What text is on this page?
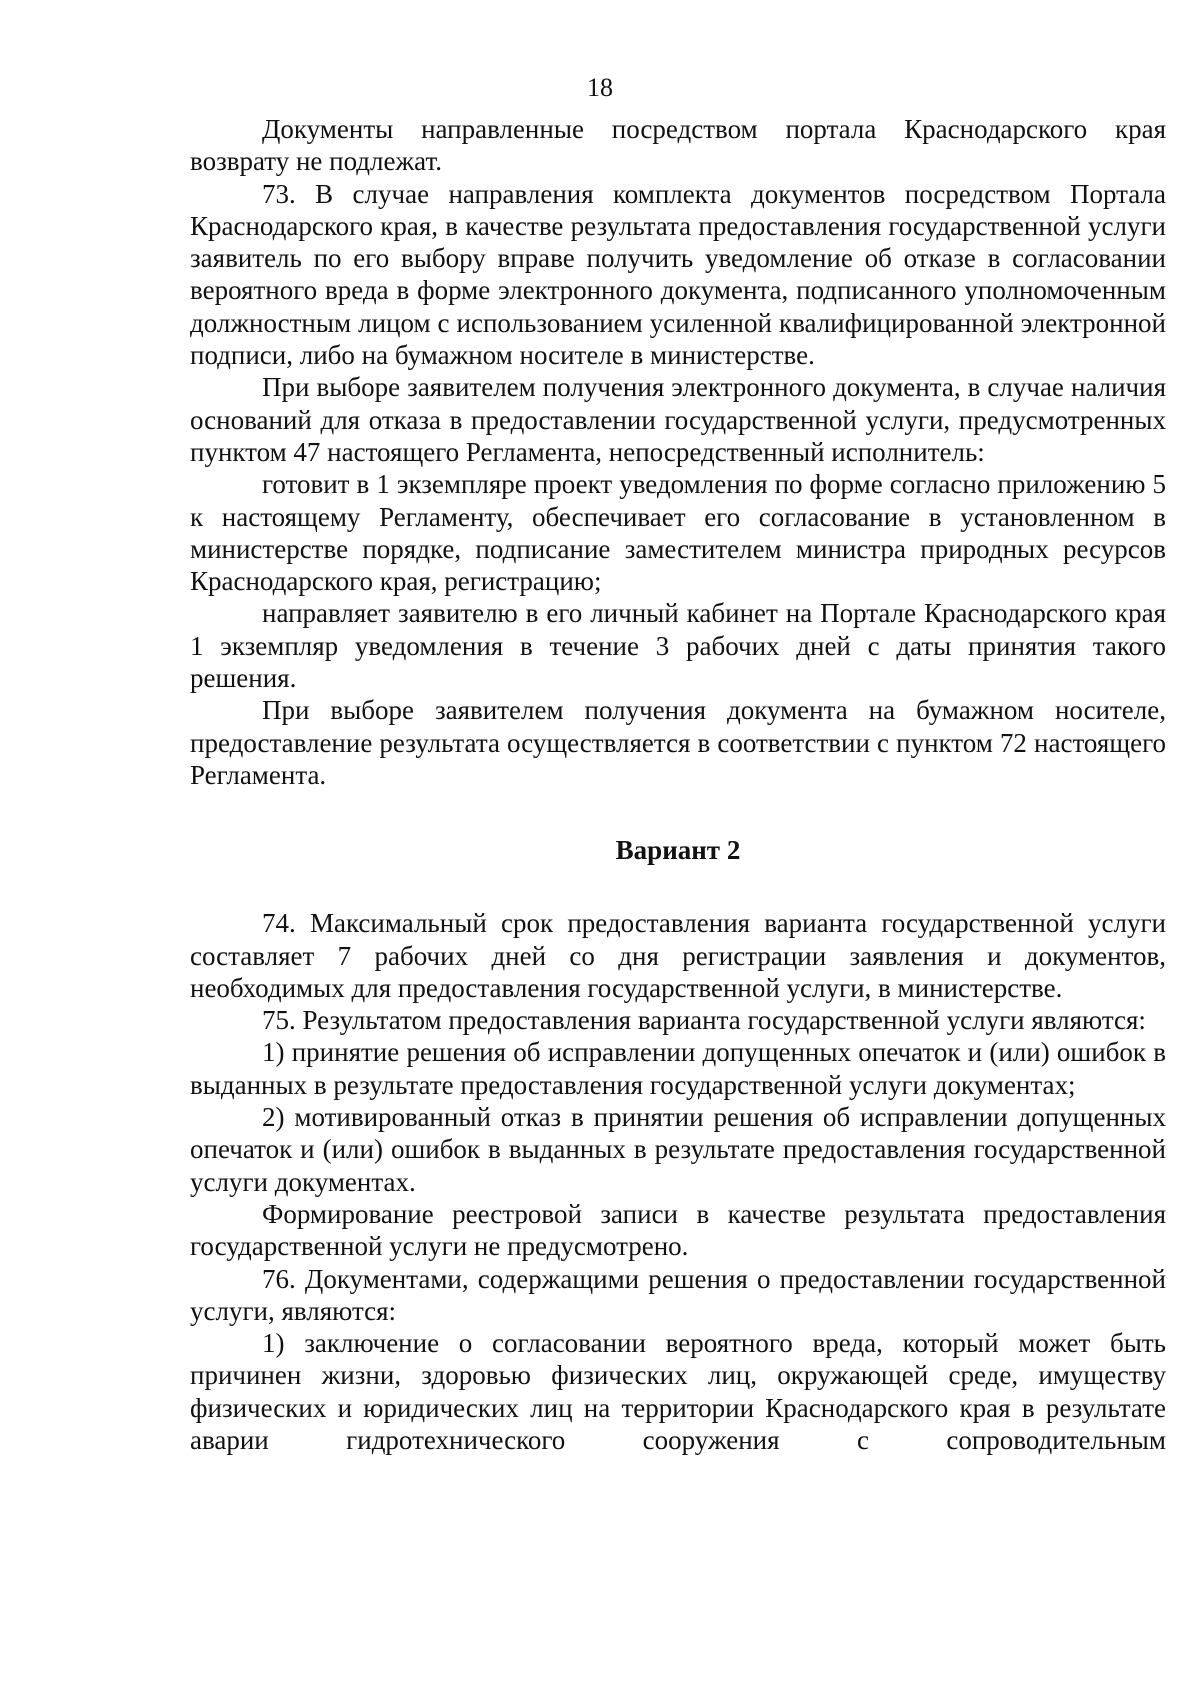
18

Документы направленные посредством портала Краснодарского края возврату не подлежат.

73. В случае направления комплекта документов посредством Портала Краснодарского края, в качестве результата предоставления государственной услуги заявитель по его выбору вправе получить уведомление об отказе в согласовании вероятного вреда в форме электронного документа, подписанного уполномоченным должностным лицом с использованием усиленной квалифицированной электронной подписи, либо на бумажном носителе в министерстве.

При выборе заявителем получения электронного документа, в случае наличия оснований для отказа в предоставлении государственной услуги, предусмотренных пунктом 47 настоящего Регламента, непосредственный исполнитель:

готовит в 1 экземпляре проект уведомления по форме согласно приложению 5 к настоящему Регламенту, обеспечивает его согласование в установленном в министерстве порядке, подписание заместителем министра природных ресурсов Краснодарского края, регистрацию;

направляет заявителю в его личный кабинет на Портале Краснодарского края 1 экземпляр уведомления в течение 3 рабочих дней с даты принятия такого решения.

При выборе заявителем получения документа на бумажном носителе, предоставление результата осуществляется в соответствии с пунктом 72 настоящего Регламента.

Вариант 2

74. Максимальный срок предоставления варианта государственной услуги составляет 7 рабочих дней со дня регистрации заявления и документов, необходимых для предоставления государственной услуги, в министерстве.

75. Результатом предоставления варианта государственной услуги являются:

1) принятие решения об исправлении допущенных опечаток и (или) ошибок в выданных в результате предоставления государственной услуги документах;

2) мотивированный отказ в принятии решения об исправлении допущенных опечаток и (или) ошибок в выданных в результате предоставления государственной услуги документах.

Формирование реестровой записи в качестве результата предоставления государственной услуги не предусмотрено.

76. Документами, содержащими решения о предоставлении государственной услуги, являются:

1) заключение о согласовании вероятного вреда, который может быть причинен жизни, здоровью физических лиц, окружающей среде, имуществу физических и юридических лиц на территории Краснодарского края в результате аварии гидротехнического сооружения с сопроводительным
